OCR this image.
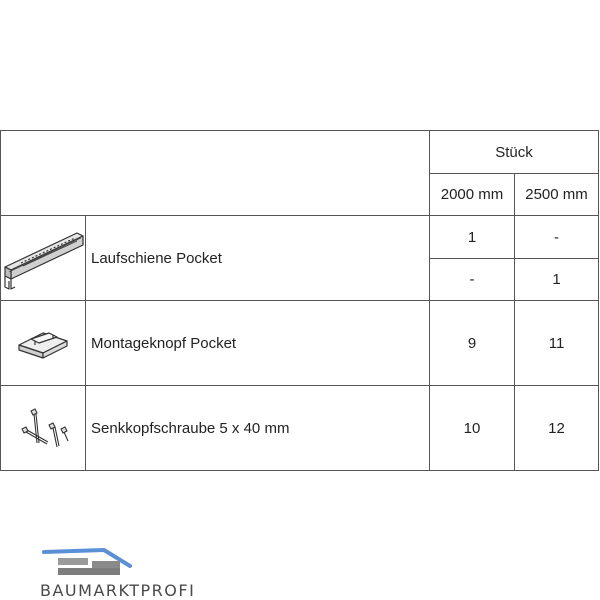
		Stück	
		2000 mm	2500 mm

	Laufschiene Pocket	1	-
		-	1

	Montageknopf Pocket	9	11

	Senkkopfschraube 5 x 40 mm	10	12
BAUMARKTPROFI
